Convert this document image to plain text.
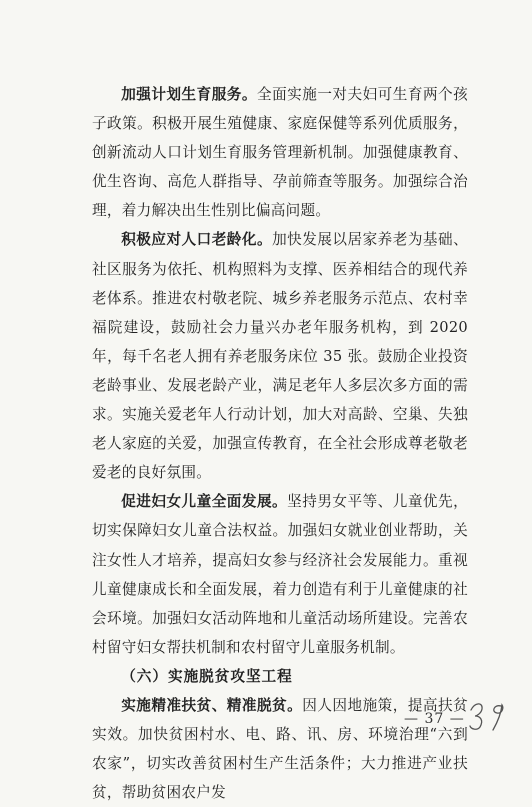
加强计划生育服务。全面实施一对夫妇可生育两个孩子政策。积极开展生殖健康、家庭保健等系列优质服务，创新流动人口计划生育服务管理新机制。加强健康教育、优生咨询、高危人群指导、孕前筛查等服务。加强综合治理，着力解决出生性别比偏高问题。

积极应对人口老龄化。加快发展以居家养老为基础、社区服务为依托、机构照料为支撑、医养相结合的现代养老体系。推进农村敬老院、城乡养老服务示范点、农村幸福院建设，鼓励社会力量兴办老年服务机构，到 2020 年，每千名老人拥有养老服务床位 35 张。鼓励企业投资老龄事业、发展老龄产业，满足老年人多层次多方面的需求。实施关爱老年人行动计划，加大对高龄、空巢、失独老人家庭的关爱，加强宣传教育，在全社会形成尊老敬老爱老的良好氛围。

促进妇女儿童全面发展。坚持男女平等、儿童优先，切实保障妇女儿童合法权益。加强妇女就业创业帮助，关注女性人才培养，提高妇女参与经济社会发展能力。重视儿童健康成长和全面发展，着力创造有利于儿童健康的社会环境。加强妇女活动阵地和儿童活动场所建设。完善农村留守妇女帮扶机制和农村留守儿童服务机制。

（六）实施脱贫攻坚工程

实施精准扶贫、精准脱贫。因人因地施策，提高扶贫实效。加快贫困村水、电、路、讯、房、环境治理“六到农家”，切实改善贫困村生产生活条件；大力推进产业扶贫，帮助贫困农户发

— 37 —
